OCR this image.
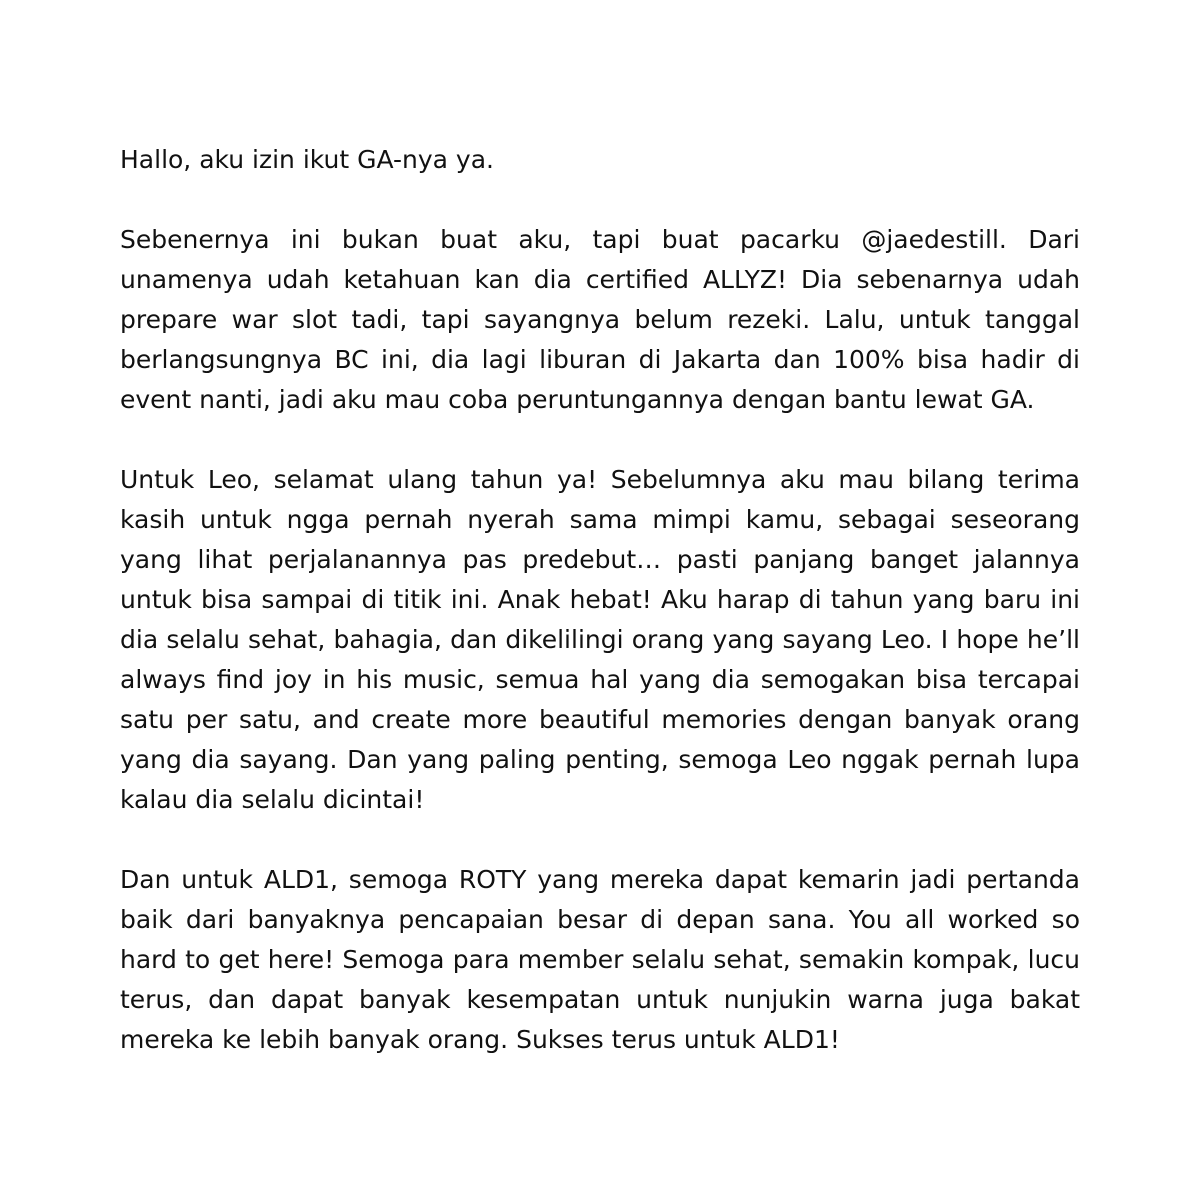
Hallo, aku izin ikut GA-nya ya.

Sebenernya ini bukan buat aku, tapi buat pacarku @jaedestill. Dari unamenya udah ketahuan kan dia certified ALLYZ! Dia sebenarnya udah prepare war slot tadi, tapi sayangnya belum rezeki. Lalu, untuk tanggal berlangsungnya BC ini, dia lagi liburan di Jakarta dan 100% bisa hadir di event nanti, jadi aku mau coba peruntungannya dengan bantu lewat GA.

Untuk Leo, selamat ulang tahun ya! Sebelumnya aku mau bilang terima kasih untuk ngga pernah nyerah sama mimpi kamu, sebagai seseorang yang lihat perjalanannya pas predebut… pasti panjang banget jalannya untuk bisa sampai di titik ini. Anak hebat! Aku harap di tahun yang baru ini dia selalu sehat, bahagia, dan dikelilingi orang yang sayang Leo. I hope he’ll always find joy in his music, semua hal yang dia semogakan bisa tercapai satu per satu, and create more beautiful memories dengan banyak orang yang dia sayang. Dan yang paling penting, semoga Leo nggak pernah lupa kalau dia selalu dicintai!

Dan untuk ALD1, semoga ROTY yang mereka dapat kemarin jadi pertanda baik dari banyaknya pencapaian besar di depan sana. You all worked so hard to get here! Semoga para member selalu sehat, semakin kompak, lucu terus, dan dapat banyak kesempatan untuk nunjukin warna juga bakat mereka ke lebih banyak orang. Sukses terus untuk ALD1!
